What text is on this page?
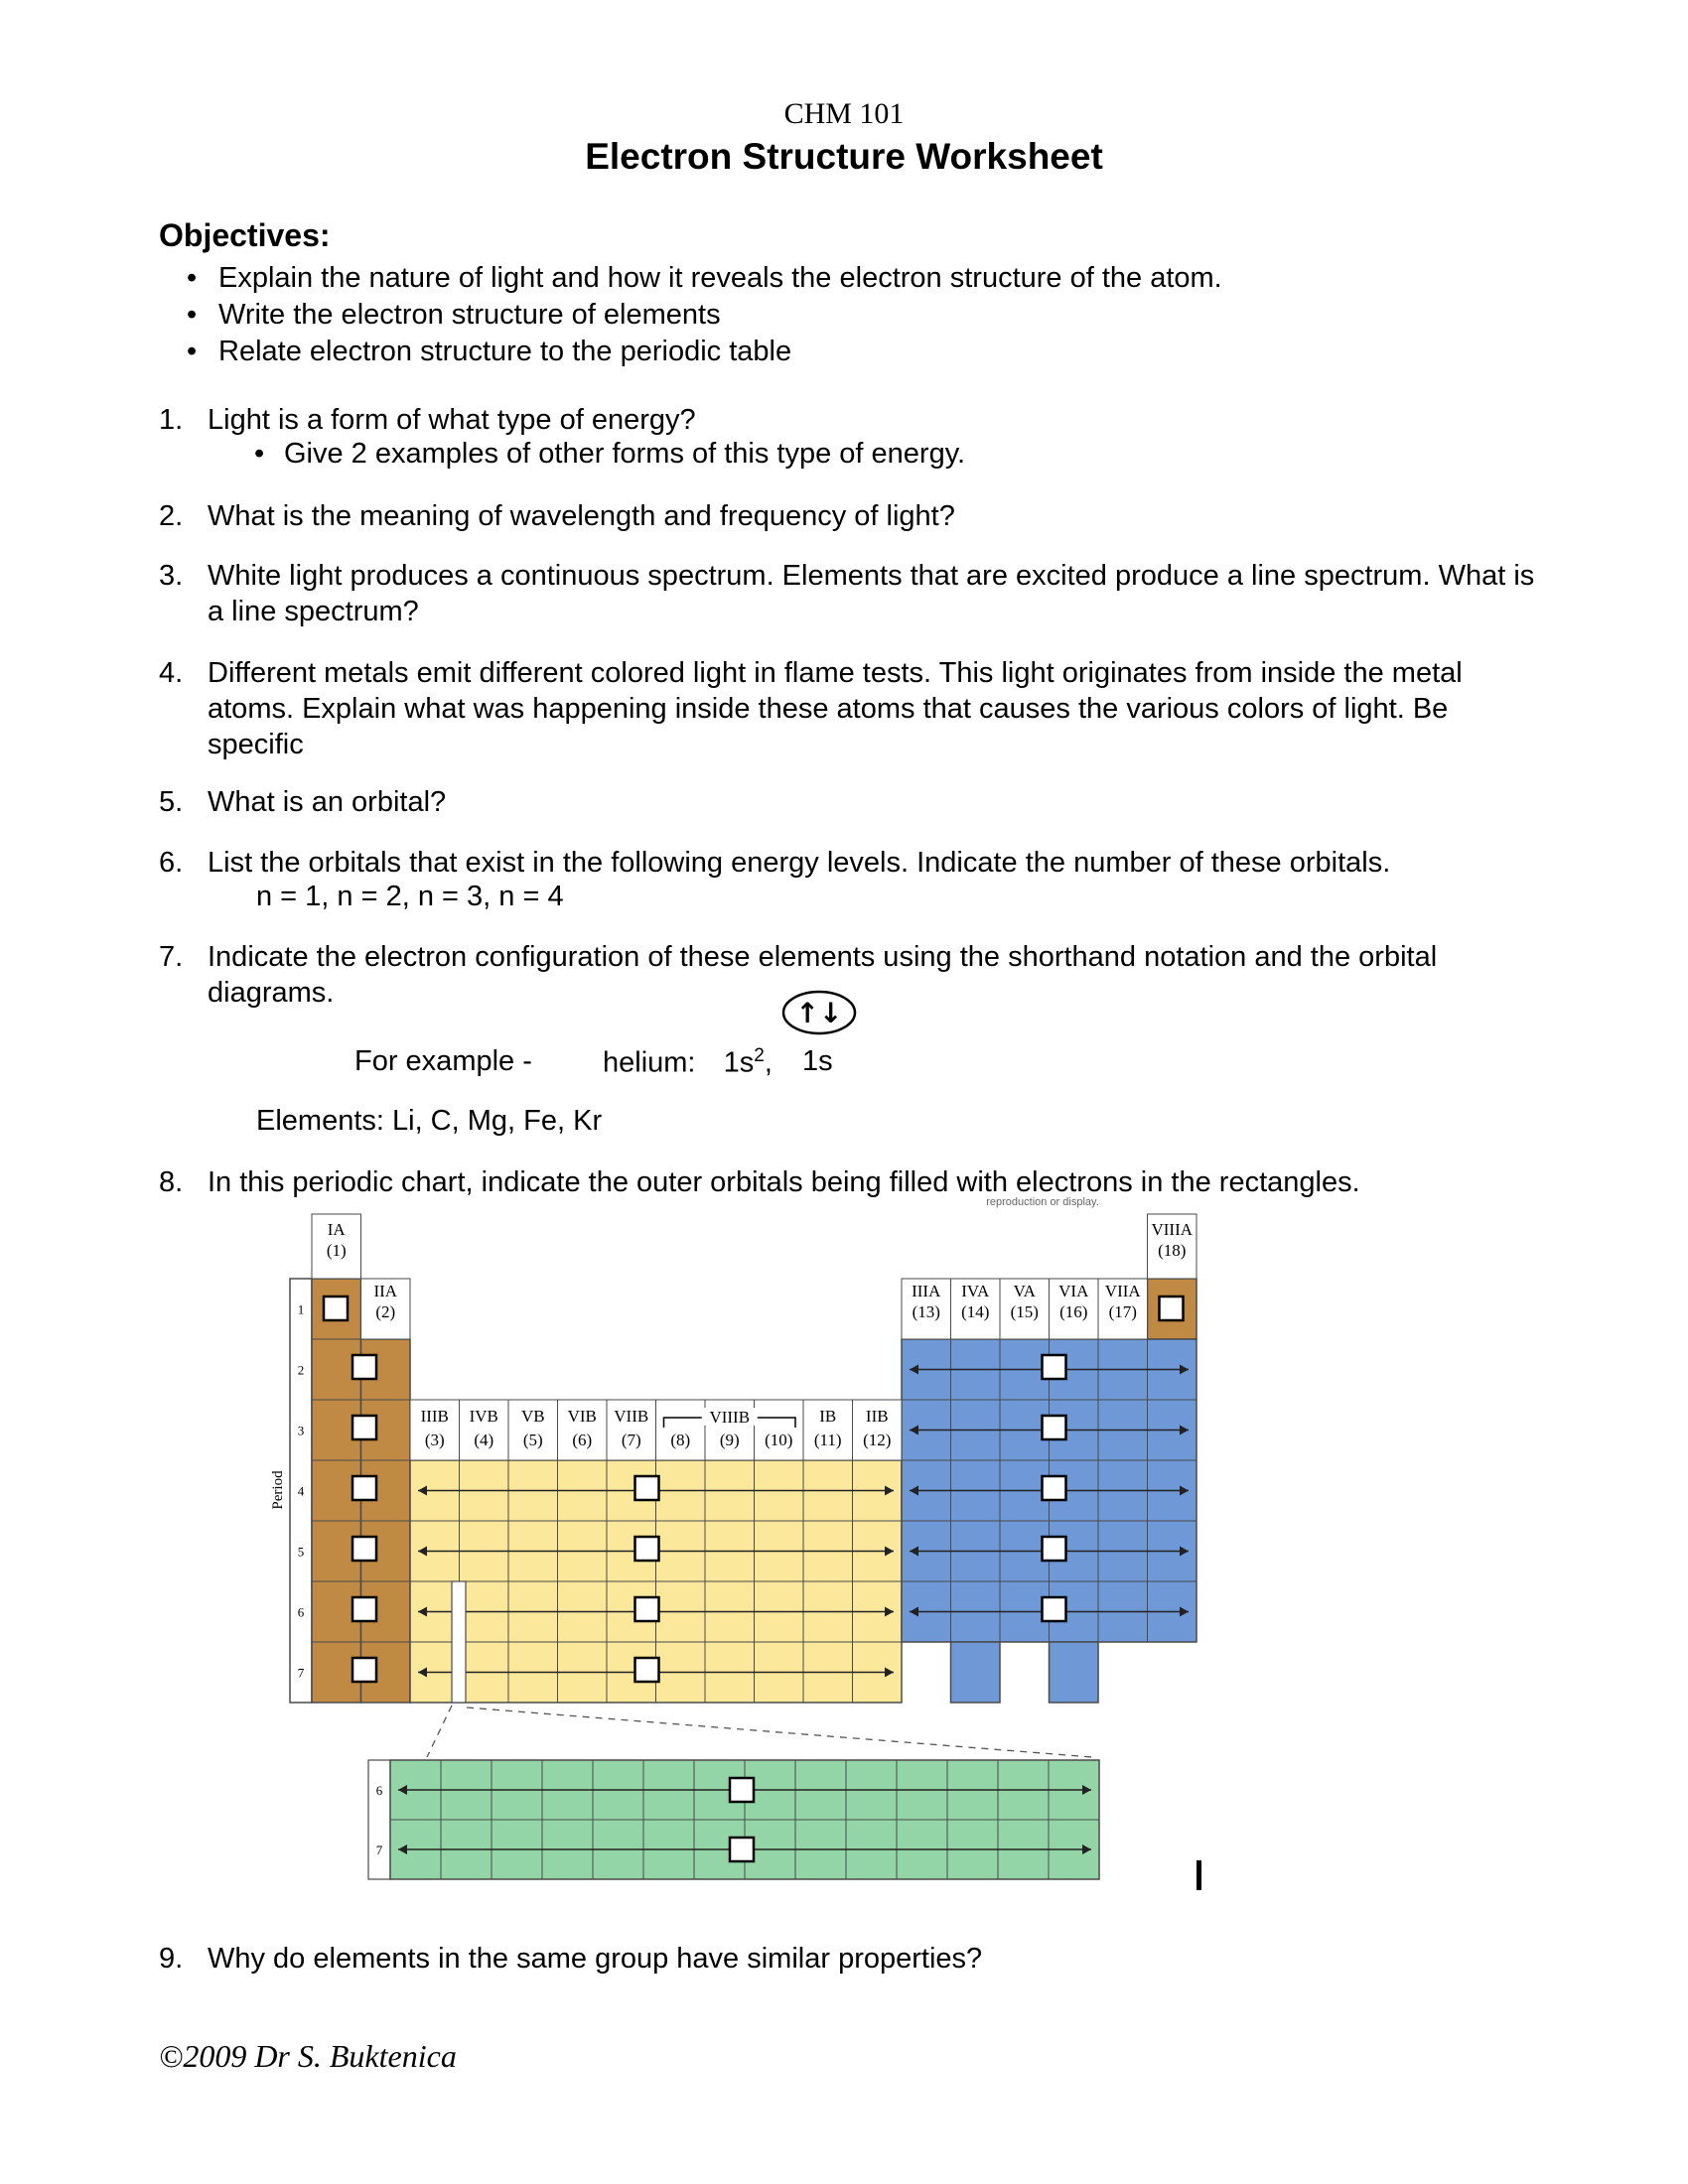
CHM 101
Electron Structure Worksheet
Objectives:
• Explain the nature of light and how it reveals the electron structure of the atom.
• Write the electron structure of elements
• Relate electron structure to the periodic table
1. Light is a form of what type of energy?
• Give 2 examples of other forms of this type of energy.
2. What is the meaning of wavelength and frequency of light?
3. White light produces a continuous spectrum. Elements that are excited produce a line spectrum. What is a line spectrum?
4. Different metals emit different colored light in flame tests. This light originates from inside the metal atoms. Explain what was happening inside these atoms that causes the various colors of light. Be specific
5. What is an orbital?
6. List the orbitals that exist in the following energy levels. Indicate the number of these orbitals.
n = 1, n = 2, n = 3, n = 4
7. Indicate the electron configuration of these elements using the shorthand notation and the orbital diagrams.
↑↓
For example - helium: $1s^2$, 1s
Elements: Li, C, Mg, Fe, Kr
8. In this periodic chart, indicate the outer orbitals being filled with electrons in the rectangles.
1
2
3
4
5
6
7
Period
IA
(1)
IIA
(2)
VIIIA
(18)
IIIA
(13)
IVA
(14)
VA
(15)
VIA
(16)
VIIA
(17)
IIIB
(3)
IVB
(4)
VB
(5)
VIB
(6)
VIIB
(7) (8) (9) (10)
IB
(11)
IIB
(12)
VIIIB
6
7
reproduction or display.
9. Why do elements in the same group have similar properties?
©2009 Dr S. Buktenica
